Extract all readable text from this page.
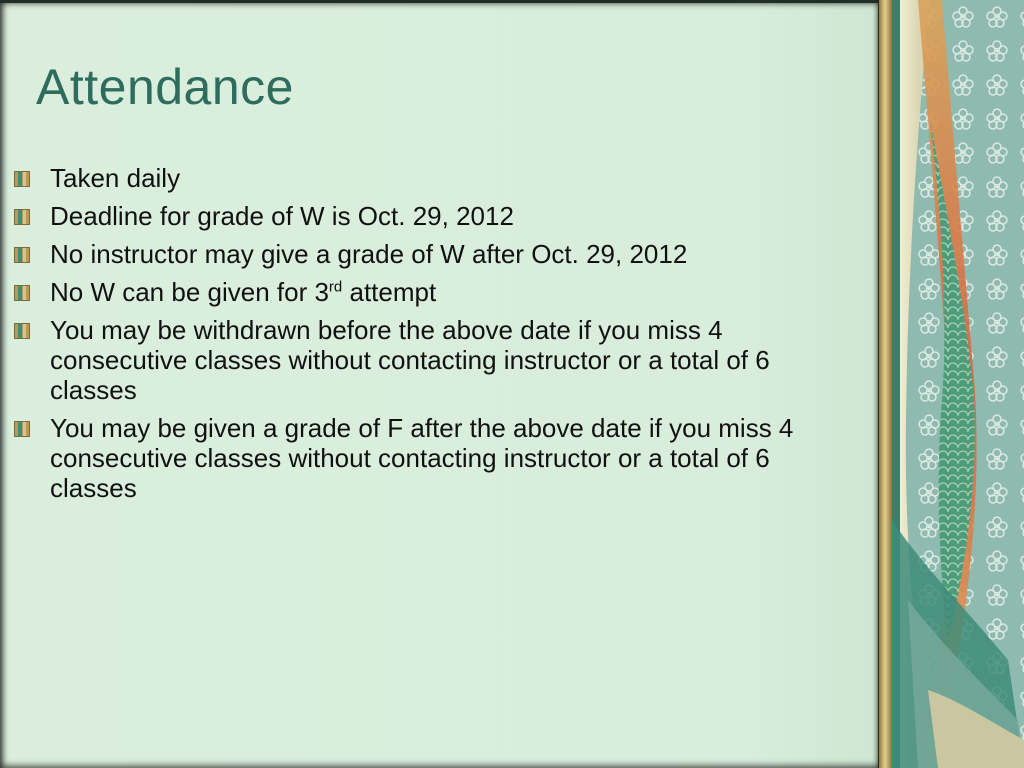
Attendance
Taken daily
Deadline for grade of W is Oct. 29, 2012
No instructor may give a grade of W after Oct. 29, 2012
No W can be given for 3rd attempt
You may be withdrawn before the above date if you miss 4 consecutive classes without contacting instructor or a total of 6 classes
You may be given a grade of F after the above date if you miss 4 consecutive classes without contacting instructor or a total of 6 classes
